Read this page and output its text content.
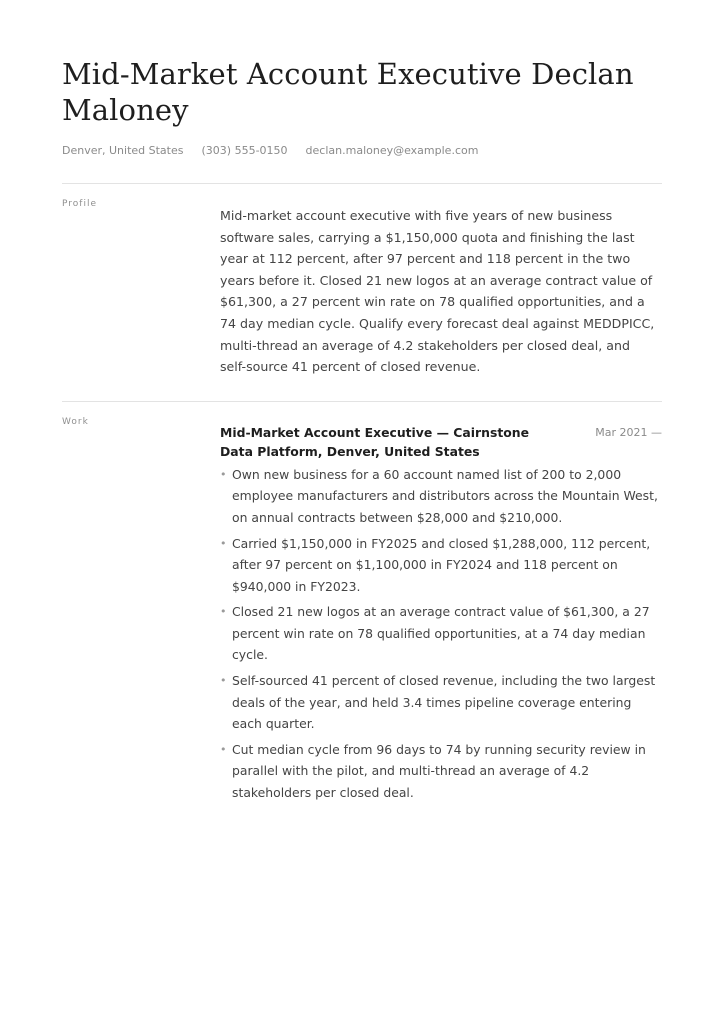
Mid-Market Account Executive Declan Maloney
Denver, United States (303) 555-0150 declan.maloney@example.com
Profile

Mid-market account executive with five years of new business software sales, carrying a $1,150,000 quota and finishing the last year at 112 percent, after 97 percent and 118 percent in the two years before it. Closed 21 new logos at an average contract value of $61,300, a 27 percent win rate on 78 qualified opportunities, and a 74 day median cycle. Qualify every forecast deal against MEDDPICC, multi-thread an average of 4.2 stakeholders per closed deal, and self-source 41 percent of closed revenue.

Work
Mid-Market Account Executive — Cairnstone Data Platform, Denver, United States
Mar 2021 —
• Own new business for a 60 account named list of 200 to 2,000 employee manufacturers and distributors across the Mountain West, on annual contracts between $28,000 and $210,000.
• Carried $1,150,000 in FY2025 and closed $1,288,000, 112 percent, after 97 percent on $1,100,000 in FY2024 and 118 percent on $940,000 in FY2023.
• Closed 21 new logos at an average contract value of $61,300, a 27 percent win rate on 78 qualified opportunities, at a 74 day median cycle.
• Self-sourced 41 percent of closed revenue, including the two largest deals of the year, and held 3.4 times pipeline coverage entering each quarter.
• Cut median cycle from 96 days to 74 by running security review in parallel with the pilot, and multi-thread an average of 4.2 stakeholders per closed deal.
